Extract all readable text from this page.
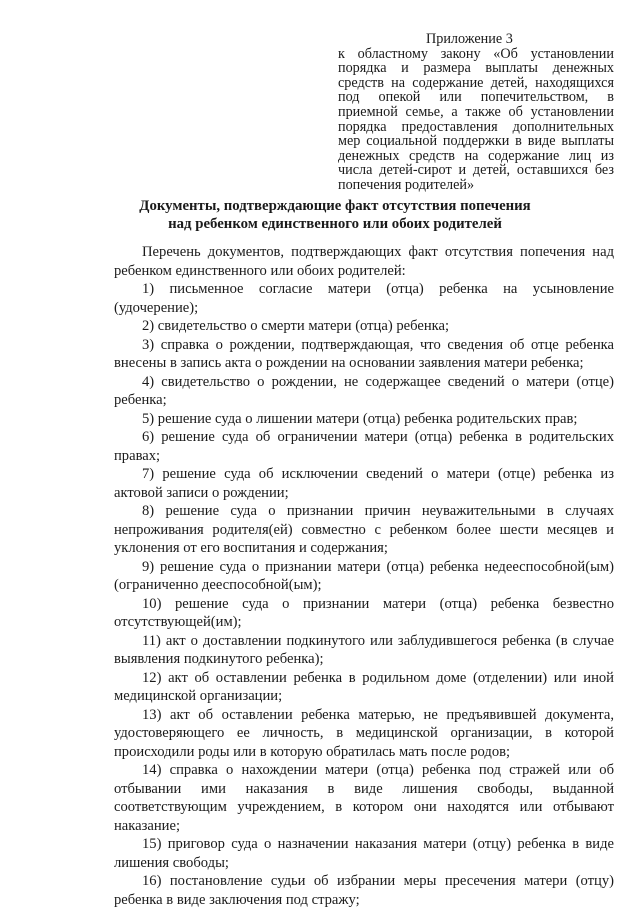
Приложение 3
к областному закону «Об установлении порядка и размера выплаты денежных средств на содержание детей, находящихся под опекой или попечительством, в приемной семье, а также об установлении порядка предоставления дополнительных мер социальной поддержки в виде выплаты денежных средств на содержание лиц из числа детей-сирот и детей, оставшихся без попечения родителей»
Документы, подтверждающие факт отсутствия попечения
над ребенком единственного или обоих родителей

Перечень документов, подтверждающих факт отсутствия попечения над ребенком единственного или обоих родителей:

1) письменное согласие матери (отца) ребенка на усыновление (удочерение);

2) свидетельство о смерти матери (отца) ребенка;

3) справка о рождении, подтверждающая, что сведения об отце ребенка внесены в запись акта о рождении на основании заявления матери ребенка;

4) свидетельство о рождении, не содержащее сведений о матери (отце) ребенка;

5) решение суда о лишении матери (отца) ребенка родительских прав;

6) решение суда об ограничении матери (отца) ребенка в родительских правах;

7) решение суда об исключении сведений о матери (отце) ребенка из актовой записи о рождении;

8) решение суда о признании причин неуважительными в случаях непроживания родителя(ей) совместно с ребенком более шести месяцев и уклонения от его воспитания и содержания;

9) решение суда о признании матери (отца) ребенка недееспособной(ым) (ограниченно дееспособной(ым);

10) решение суда о признании матери (отца) ребенка безвестно отсутствующей(им);

11) акт о доставлении подкинутого или заблудившегося ребенка (в случае выявления подкинутого ребенка);

12) акт об оставлении ребенка в родильном доме (отделении) или иной медицинской организации;

13) акт об оставлении ребенка матерью, не предъявившей документа, удостоверяющего ее личность, в медицинской организации, в которой происходили роды или в которую обратилась мать после родов;

14) справка о нахождении матери (отца) ребенка под стражей или об отбывании ими наказания в виде лишения свободы, выданной соответствующим учреждением, в котором они находятся или отбывают наказание;

15) приговор суда о назначении наказания матери (отцу) ребенка в виде лишения свободы;

16) постановление судьи об избрании меры пресечения матери (отцу) ребенка в виде заключения под стражу;
